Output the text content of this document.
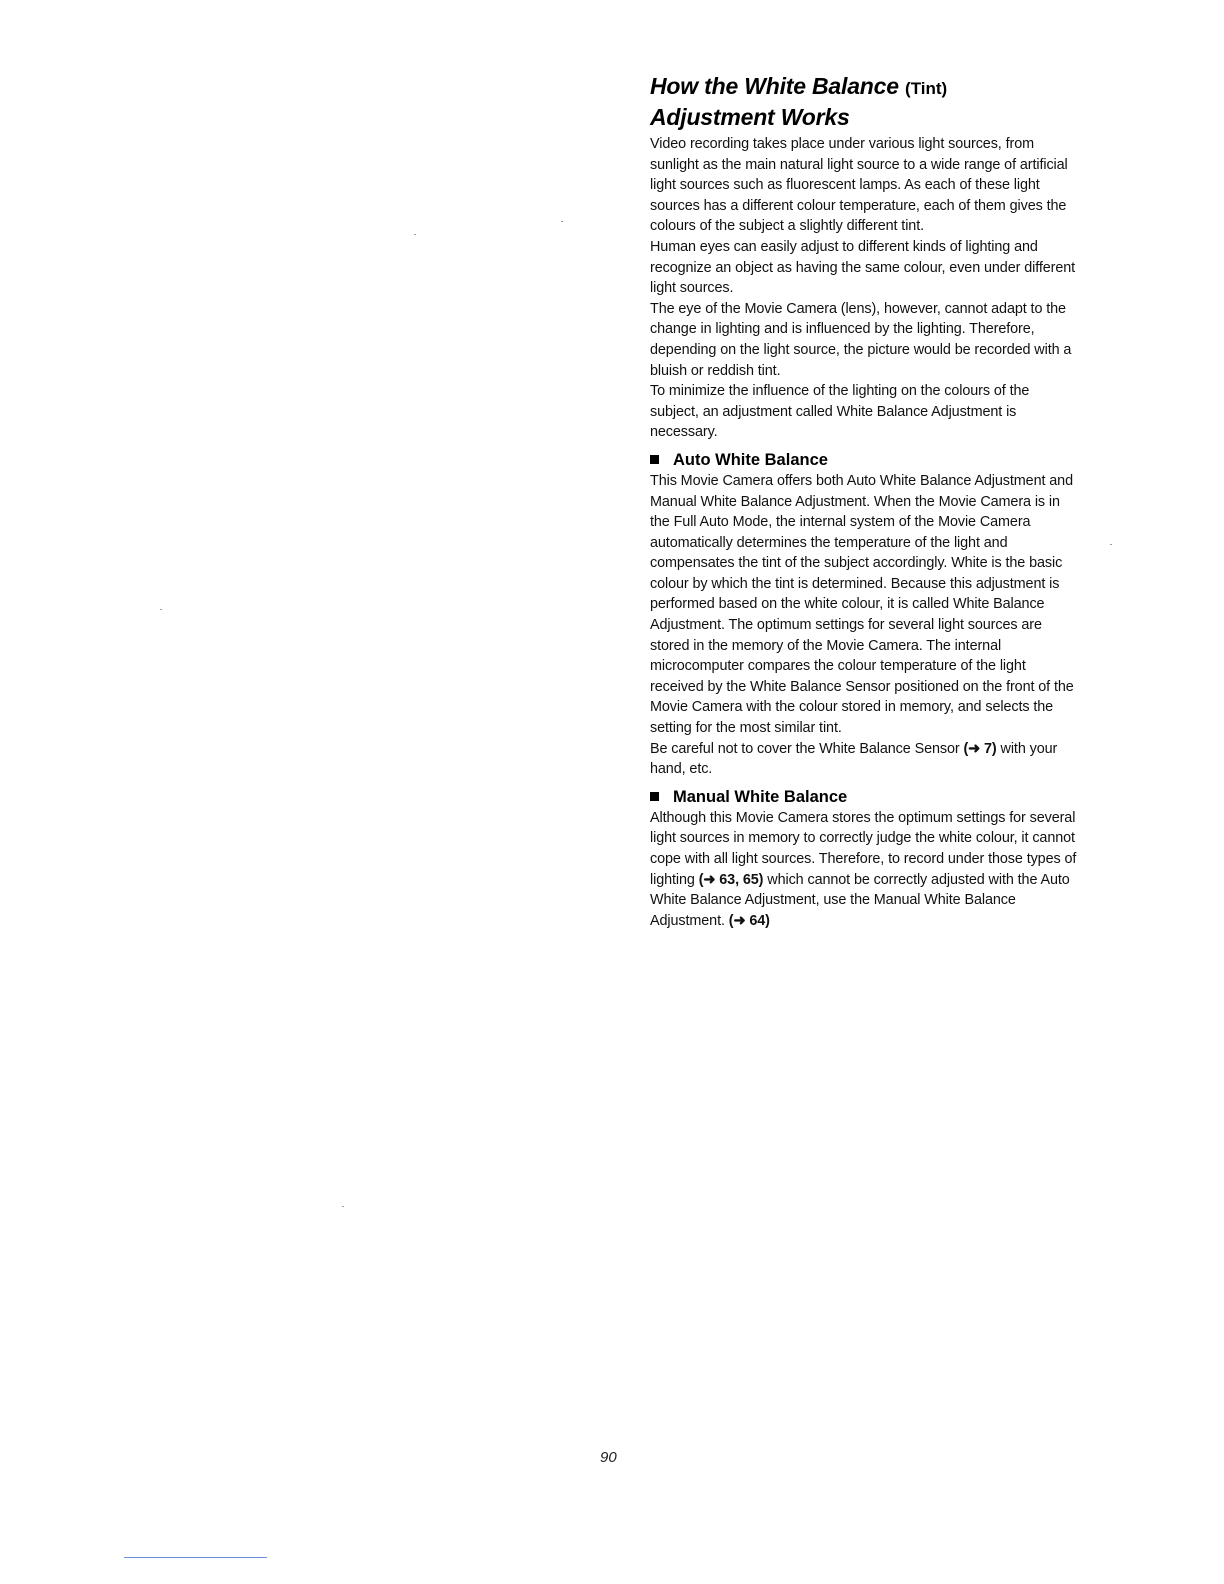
How the White Balance (Tint)
Adjustment Works

Video recording takes place under various light sources, from sunlight as the main natural light source to a wide range of artificial light sources such as fluorescent lamps. As each of these light sources has a different colour temperature, each of them gives the colours of the subject a slightly different tint.

Human eyes can easily adjust to different kinds of lighting and recognize an object as having the same colour, even under different light sources.

The eye of the Movie Camera (lens), however, cannot adapt to the change in lighting and is influenced by the lighting. Therefore, depending on the light source, the picture would be recorded with a bluish or reddish tint.

To minimize the influence of the lighting on the colours of the subject, an adjustment called White Balance Adjustment is necessary.

Auto White Balance

This Movie Camera offers both Auto White Balance Adjustment and Manual White Balance Adjustment. When the Movie Camera is in the Full Auto Mode, the internal system of the Movie Camera automatically determines the temperature of the light and compensates the tint of the subject accordingly. White is the basic colour by which the tint is determined. Because this adjustment is performed based on the white colour, it is called White Balance Adjustment. The optimum settings for several light sources are stored in the memory of the Movie Camera. The internal microcomputer compares the colour temperature of the light received by the White Balance Sensor positioned on the front of the Movie Camera with the colour stored in memory, and selects the setting for the most similar tint.

Be careful not to cover the White Balance Sensor (➜ 7) with your hand, etc.

Manual White Balance

Although this Movie Camera stores the optimum settings for several light sources in memory to correctly judge the white colour, it cannot cope with all light sources. Therefore, to record under those types of lighting (➜ 63, 65) which cannot be correctly adjusted with the Auto White Balance Adjustment, use the Manual White Balance Adjustment. (➜ 64)

90
